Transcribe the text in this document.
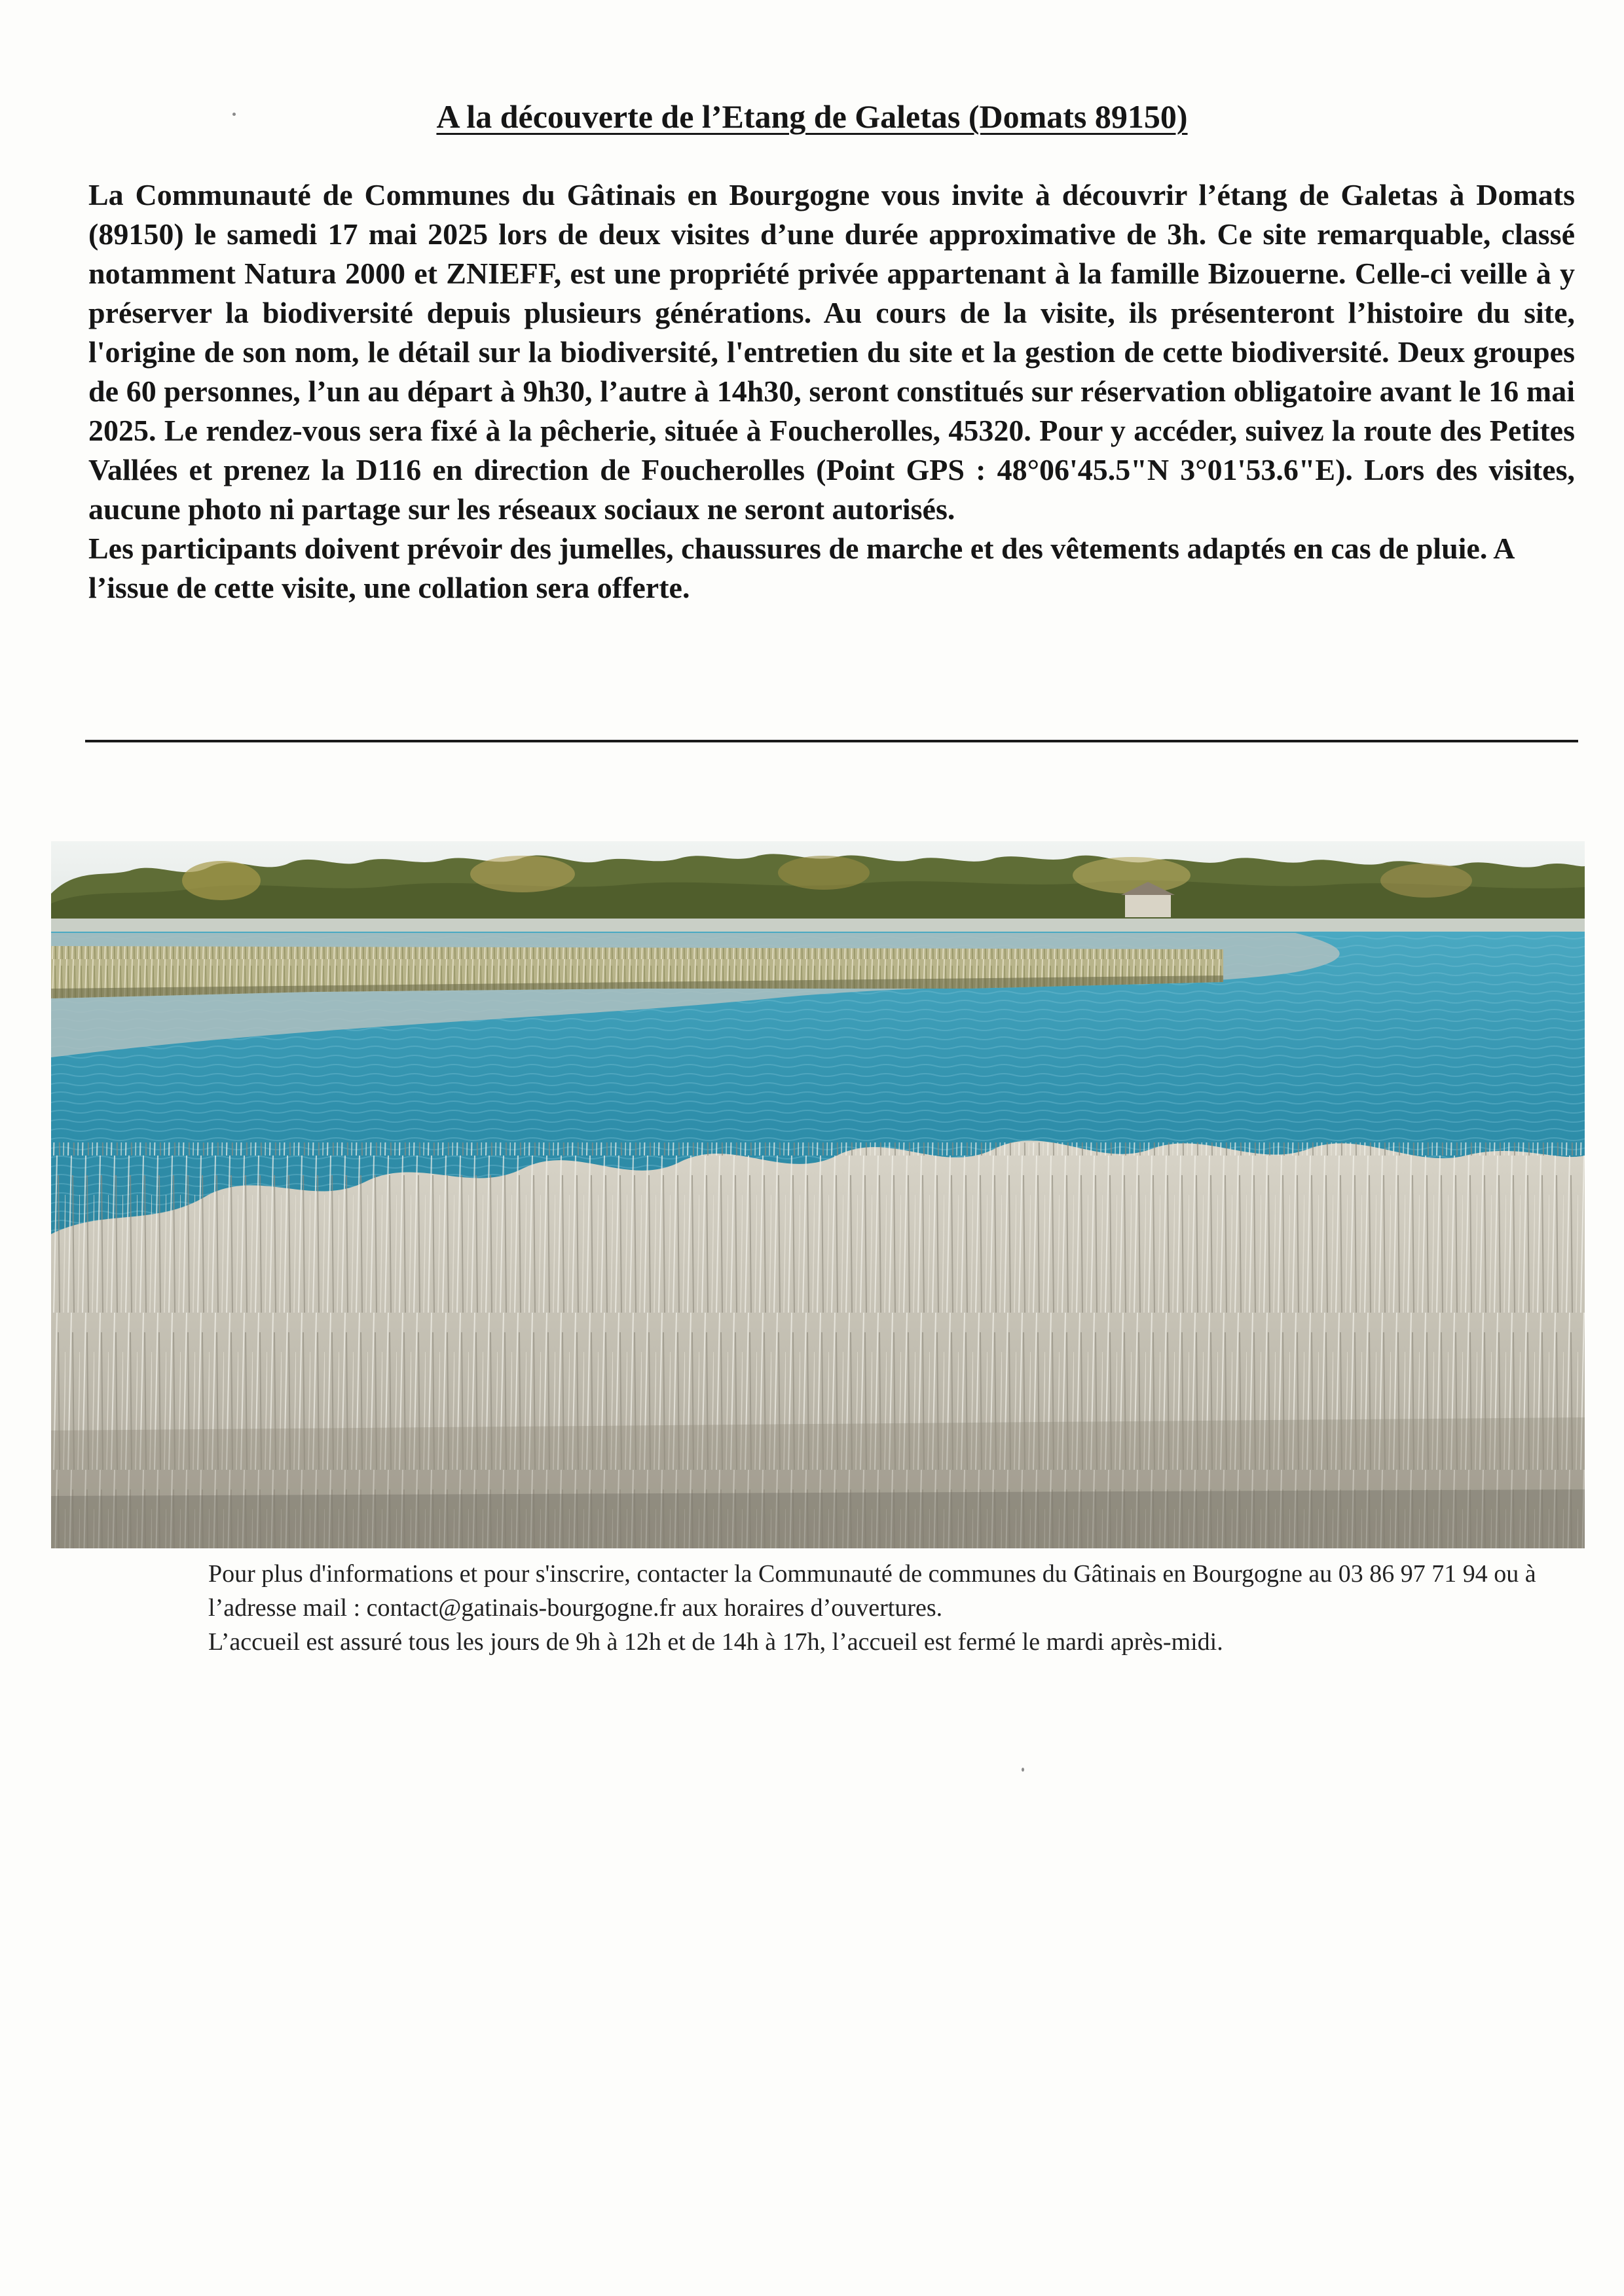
A la découverte de l’Etang de Galetas (Domats 89150)

La Communauté de Communes du Gâtinais en Bourgogne vous invite à découvrir l’étang de Galetas à Domats (89150) le samedi 17 mai 2025 lors de deux visites d’une durée approximative de 3h. Ce site remarquable, classé notamment Natura 2000 et ZNIEFF, est une propriété privée appartenant à la famille Bizouerne. Celle-ci veille à y préserver la biodiversité depuis plusieurs générations. Au cours de la visite, ils présenteront l’histoire du site, l'origine de son nom, le détail sur la biodiversité, l'entretien du site et la gestion de cette biodiversité. Deux groupes de 60 personnes, l’un au départ à 9h30, l’autre à 14h30, seront constitués sur réservation obligatoire avant le 16 mai 2025. Le rendez-vous sera fixé à la pêcherie, située à Foucherolles, 45320. Pour y accéder, suivez la route des Petites Vallées et prenez la D116 en direction de Foucherolles (Point GPS : 48°06'45.5"N 3°01'53.6"E). Lors des visites, aucune photo ni partage sur les réseaux sociaux ne seront autorisés.

Les participants doivent prévoir des jumelles, chaussures de marche et des vêtements adaptés en cas de pluie. A l’issue de cette visite, une collation sera offerte.

Pour plus d'informations et pour s'inscrire, contacter la Communauté de communes du Gâtinais en Bourgogne au 03 86 97 71 94 ou à l’adresse mail : contact@gatinais-bourgogne.fr aux horaires d’ouvertures.

L’accueil est assuré tous les jours de 9h à 12h et de 14h à 17h, l’accueil est fermé le mardi après-midi.
